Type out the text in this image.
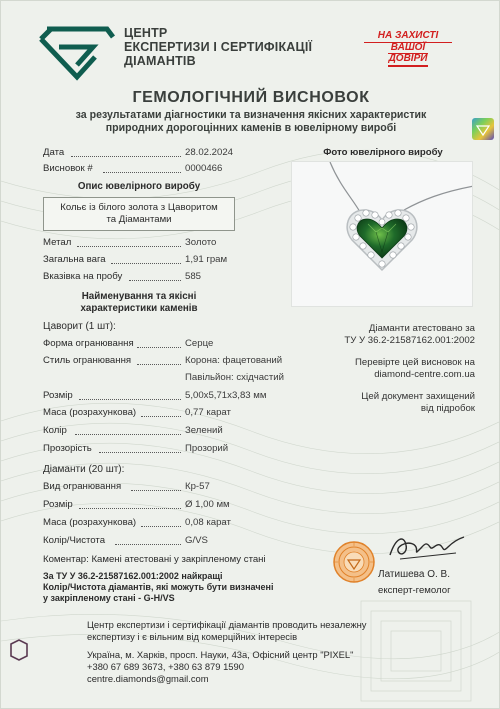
ЦЕНТР
ЕКСПЕРТИЗИ І СЕРТИФІКАЦІЇ
ДІАМАНТІВ
НА ЗАХИСТІ
ВАШОЇ
ДОВІРИ
ГЕМОЛОГІЧНИЙ ВИСНОВОК
за результатами діагностики та визначення якісних характеристик
природних дорогоцінних каменів в ювелірному виробі
Дата	28.02.2024
Висновок #	0000466
Опис ювелірного виробу
Кольє із білого золота з Цаворитом
та Діамантами
Метал	Золото
Загальна вага	1,91 грам
Вказівка на пробу	585
Найменування та якісні
характеристики каменів
Цаворит (1 шт):
Форма огранювання	Серце
Стиль огранювання	Корона: фацетований
Павільйон: східчастий
Розмір	5,00х5,71х3,83 мм
Маса (розрахункова)	0,77 карат
Колір	Зелений
Прозорість	Прозорий
Діаманти (20 шт):
Вид огранювання	Кр-57
Розмір	Ø 1,00 мм
Маса (розрахункова)	0,08 карат
Колір/Чистота	G/VS
Фото ювелірного виробу
Діаманти атестовано за
ТУ У 36.2-21587162.001:2002
Перевірте цей висновок на
diamond-centre.com.ua
Цей документ захищений
від підробок
Коментар: Камені атестовані у закріпленому стані
За ТУ У 36.2-21587162.001:2002 найкращі
Колір/Чистота діамантів, які можуть бути визначені
у закріпленому стані - G-H/VS
Латишева О. В.
експерт-гемолог
Центр експертизи і сертифікації діамантів проводить незалежну
експертизу і є вільним від комерційних інтересів
Україна, м. Харків, просп. Науки, 43а, Офісний центр "PIXEL"
+380 67 689 3673, +380 63 879 1590
centre.diamonds@gmail.com
